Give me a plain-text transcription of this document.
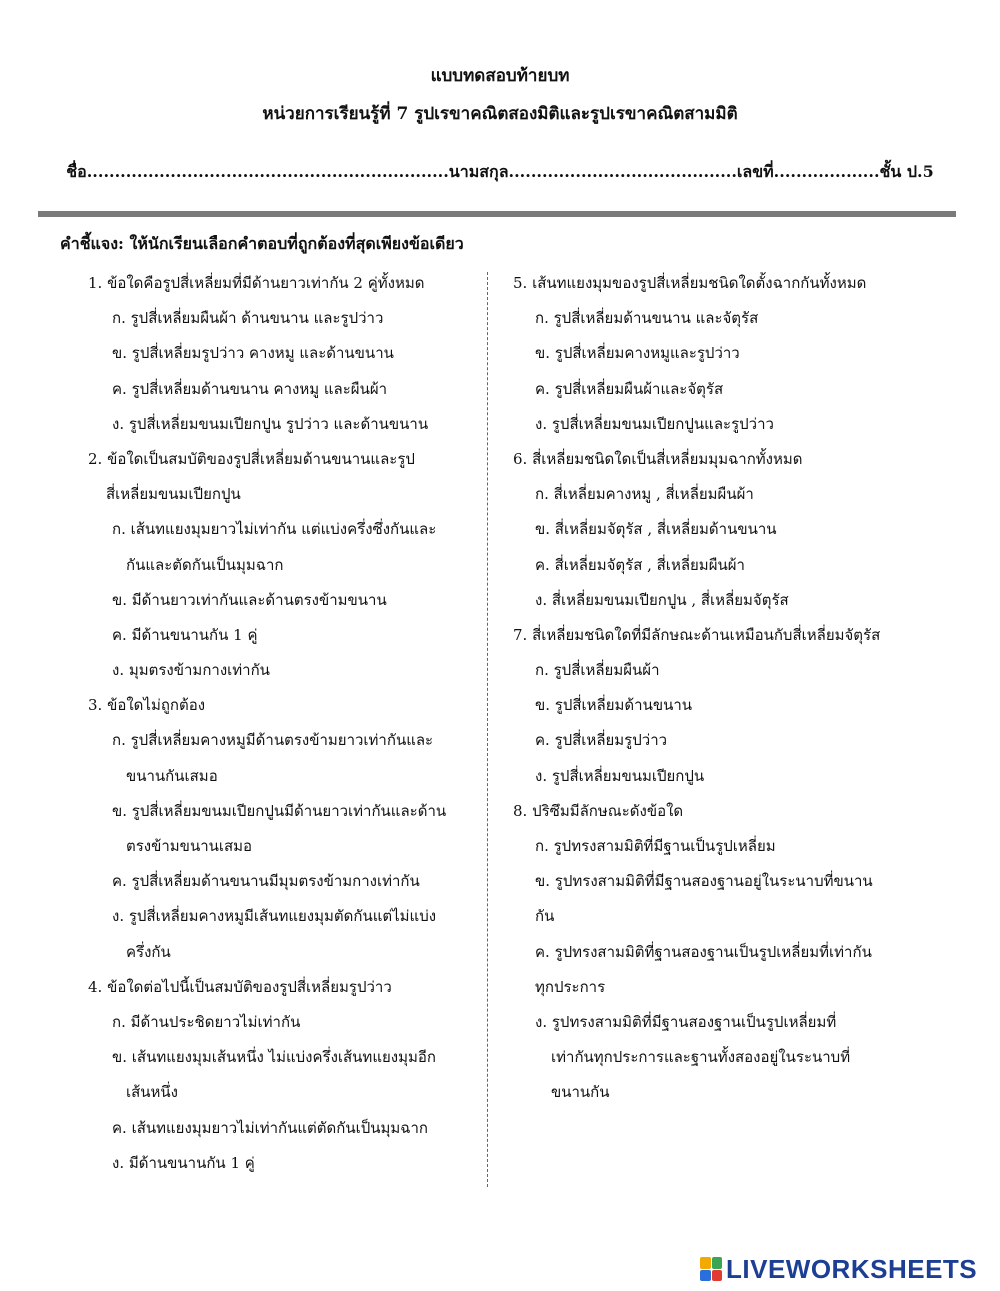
แบบทดสอบท้ายบท
หน่วยการเรียนรู้ที่ 7 รูปเรขาคณิตสองมิติและรูปเรขาคณิตสามมิติ
ชื่อ.................................................................นามสกุล.........................................เลขที่...................ชั้น ป.5
คำชี้แจง: ให้นักเรียนเลือกคำตอบที่ถูกต้องที่สุดเพียงข้อเดียว
1. ข้อใดคือรูปสี่เหลี่ยมที่มีด้านยาวเท่ากัน 2 คู่ทั้งหมด
ก. รูปสี่เหลี่ยมผืนผ้า ด้านขนาน และรูปว่าว
ข. รูปสี่เหลี่ยมรูปว่าว คางหมู และด้านขนาน
ค. รูปสี่เหลี่ยมด้านขนาน คางหมู และผืนผ้า
ง. รูปสี่เหลี่ยมขนมเปียกปูน รูปว่าว และด้านขนาน
2. ข้อใดเป็นสมบัติของรูปสี่เหลี่ยมด้านขนานและรูป
สี่เหลี่ยมขนมเปียกปูน
ก. เส้นทแยงมุมยาวไม่เท่ากัน แต่แบ่งครึ่งซึ่งกันและ
กันและตัดกันเป็นมุมฉาก
ข. มีด้านยาวเท่ากันและด้านตรงข้ามขนาน
ค. มีด้านขนานกัน 1 คู่
ง. มุมตรงข้ามกางเท่ากัน
3. ข้อใดไม่ถูกต้อง
ก. รูปสี่เหลี่ยมคางหมูมีด้านตรงข้ามยาวเท่ากันและ
ขนานกันเสมอ
ข. รูปสี่เหลี่ยมขนมเปียกปูนมีด้านยาวเท่ากันและด้าน
ตรงข้ามขนานเสมอ
ค. รูปสี่เหลี่ยมด้านขนานมีมุมตรงข้ามกางเท่ากัน
ง. รูปสี่เหลี่ยมคางหมูมีเส้นทแยงมุมตัดกันแต่ไม่แบ่ง
ครึ่งกัน
4. ข้อใดต่อไปนี้เป็นสมบัติของรูปสี่เหลี่ยมรูปว่าว
ก. มีด้านประชิดยาวไม่เท่ากัน
ข. เส้นทแยงมุมเส้นหนึ่ง ไม่แบ่งครึ่งเส้นทแยงมุมอีก
เส้นหนึ่ง
ค. เส้นทแยงมุมยาวไม่เท่ากันแต่ตัดกันเป็นมุมฉาก
ง. มีด้านขนานกัน 1 คู่
5. เส้นทแยงมุมของรูปสี่เหลี่ยมชนิดใดตั้งฉากกันทั้งหมด
ก. รูปสี่เหลี่ยมด้านขนาน และจัตุรัส
ข. รูปสี่เหลี่ยมคางหมูและรูปว่าว
ค. รูปสี่เหลี่ยมผืนผ้าและจัตุรัส
ง. รูปสี่เหลี่ยมขนมเปียกปูนและรูปว่าว
6. สี่เหลี่ยมชนิดใดเป็นสี่เหลี่ยมมุมฉากทั้งหมด
ก. สี่เหลี่ยมคางหมู , สี่เหลี่ยมผืนผ้า
ข. สี่เหลี่ยมจัตุรัส , สี่เหลี่ยมด้านขนาน
ค. สี่เหลี่ยมจัตุรัส , สี่เหลี่ยมผืนผ้า
ง. สี่เหลี่ยมขนมเปียกปูน , สี่เหลี่ยมจัตุรัส
7. สี่เหลี่ยมชนิดใดที่มีลักษณะด้านเหมือนกับสี่เหลี่ยมจัตุรัส
ก. รูปสี่เหลี่ยมผืนผ้า
ข. รูปสี่เหลี่ยมด้านขนาน
ค. รูปสี่เหลี่ยมรูปว่าว
ง. รูปสี่เหลี่ยมขนมเปียกปูน
8. ปริซึมมีลักษณะดังข้อใด
ก. รูปทรงสามมิติที่มีฐานเป็นรูปเหลี่ยม
ข. รูปทรงสามมิติที่มีฐานสองฐานอยู่ในระนาบที่ขนาน
กัน
ค. รูปทรงสามมิติที่ฐานสองฐานเป็นรูปเหลี่ยมที่เท่ากัน
ทุกประการ
ง. รูปทรงสามมิติที่มีฐานสองฐานเป็นรูปเหลี่ยมที่
เท่ากันทุกประการและฐานทั้งสองอยู่ในระนาบที่
ขนานกัน
LIVEWORKSHEETS
